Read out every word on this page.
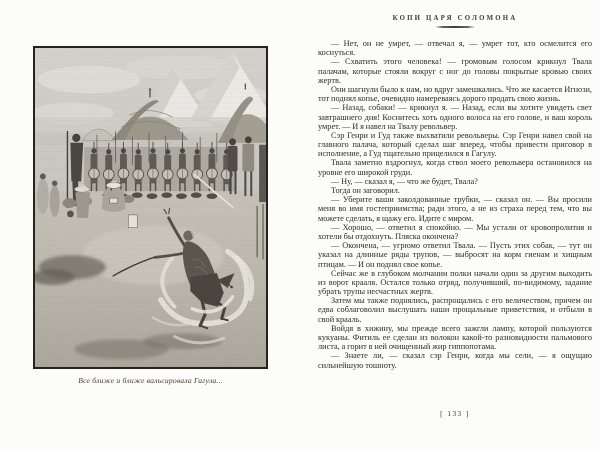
Все ближе и ближе вальсировала Гагула...
КОПИ ЦАРЯ СОЛОМОНА

— Нет, он не умрет, — отвечал я, — умрет тот, кто осмелится его коснуться.

— Схватить этого человека! — громовым голосом крикнул Твала палачам, которые стояли вокруг с ног до головы покрытые кровью своих жертв.

Они шагнули было к нам, но вдруг замешкались. Что же касается Игнози, тот поднял копье, очевидно намереваясь дорого продать свою жизнь.

— Назад, собаки! — крикнул я. — Назад, если вы хотите увидеть свет завтрашнего дня! Коснитесь хоть одного волоса на его голове, и ваш король умрет. — И я навел на Твалу револьвер.

Сэр Генри и Гуд также выхватили револьверы. Сэр Генри навел свой на главного палача, который сделал шаг вперед, чтобы привести приговор в исполнение, а Гуд тщательно прицелился в Гагулу.

Твала заметно вздрогнул, когда ствол моего револьвера остановился на уровне его широкой груди.

— Ну, — сказал я, — что же будет, Твала?

Тогда он заговорил.

— Уберите ваши заколдованные трубки, — сказал он. — Вы просили меня во имя гостеприимства; ради этого, а не из страха перед тем, что вы можете сделать, я щажу его. Идите с миром.

— Хорошо, — ответил я спокойно. — Мы устали от кровопролития и хотели бы отдохнуть. Пляска окончена?

— Окончена, — угрюмо ответил Твала. — Пусть этих собак, — тут он указал на длинные ряды трупов, — выбросят на корм гиенам и хищным птицам. — И он поднял свое копье.

Сейчас же в глубоком молчании полки начали один за другим выходить из ворот крааля. Остался только отряд, получивший, по-видимому, задание убрать трупы несчастных жертв.

Затем мы также поднялись, распрощались с его величеством, причем он едва соблаговолил выслушать наши прощальные приветствия, и отбыли в свой крааль.

Войдя в хижину, мы прежде всего зажгли лампу, которой пользуются кукуаны. Фитиль ее сделан из волокон какой-то разновидности пальмового листа, а горит в ней очищенный жир гиппопотама.

— Знаете ли, — сказал сэр Генри, когда мы сели, — я ощущаю сильнейшую тошноту.

[ 133 ]
